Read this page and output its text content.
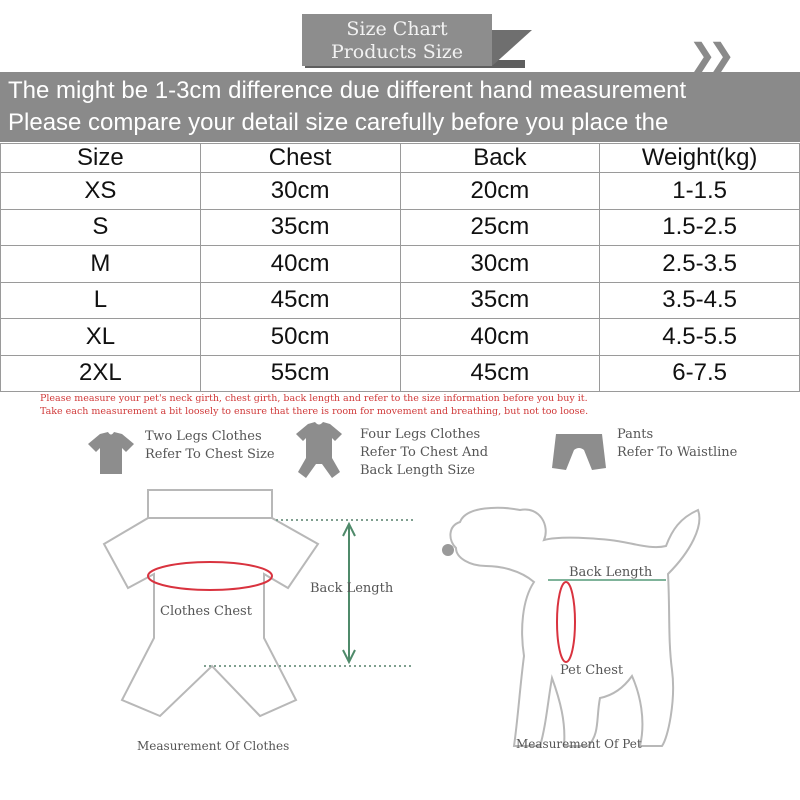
Size Chart
Products Size	❯❯
The might be 1-3cm difference due different hand measurement
Please compare your detail size carefully before you place the
Size	Chest	Back	Weight(kg)
XS	30cm	20cm	1-1.5
S	35cm	25cm	1.5-2.5
M	40cm	30cm	2.5-3.5
L	45cm	35cm	3.5-4.5
XL	50cm	40cm	4.5-5.5
2XL	55cm	45cm	6-7.5
Please measure your pet's neck girth, chest girth, back length and refer to the size information before you buy it.
Take each measurement a bit loosely to ensure that there is room for movement and breathing, but not too loose.
Two Legs Clothes
Refer To Chest Size
Four Legs Clothes
Refer To Chest And
Back Length Size
Pants
Refer To Waistline
Back Length
Clothes Chest
Measurement Of Clothes
Back Length
Pet Chest
Measurement Of Pet
